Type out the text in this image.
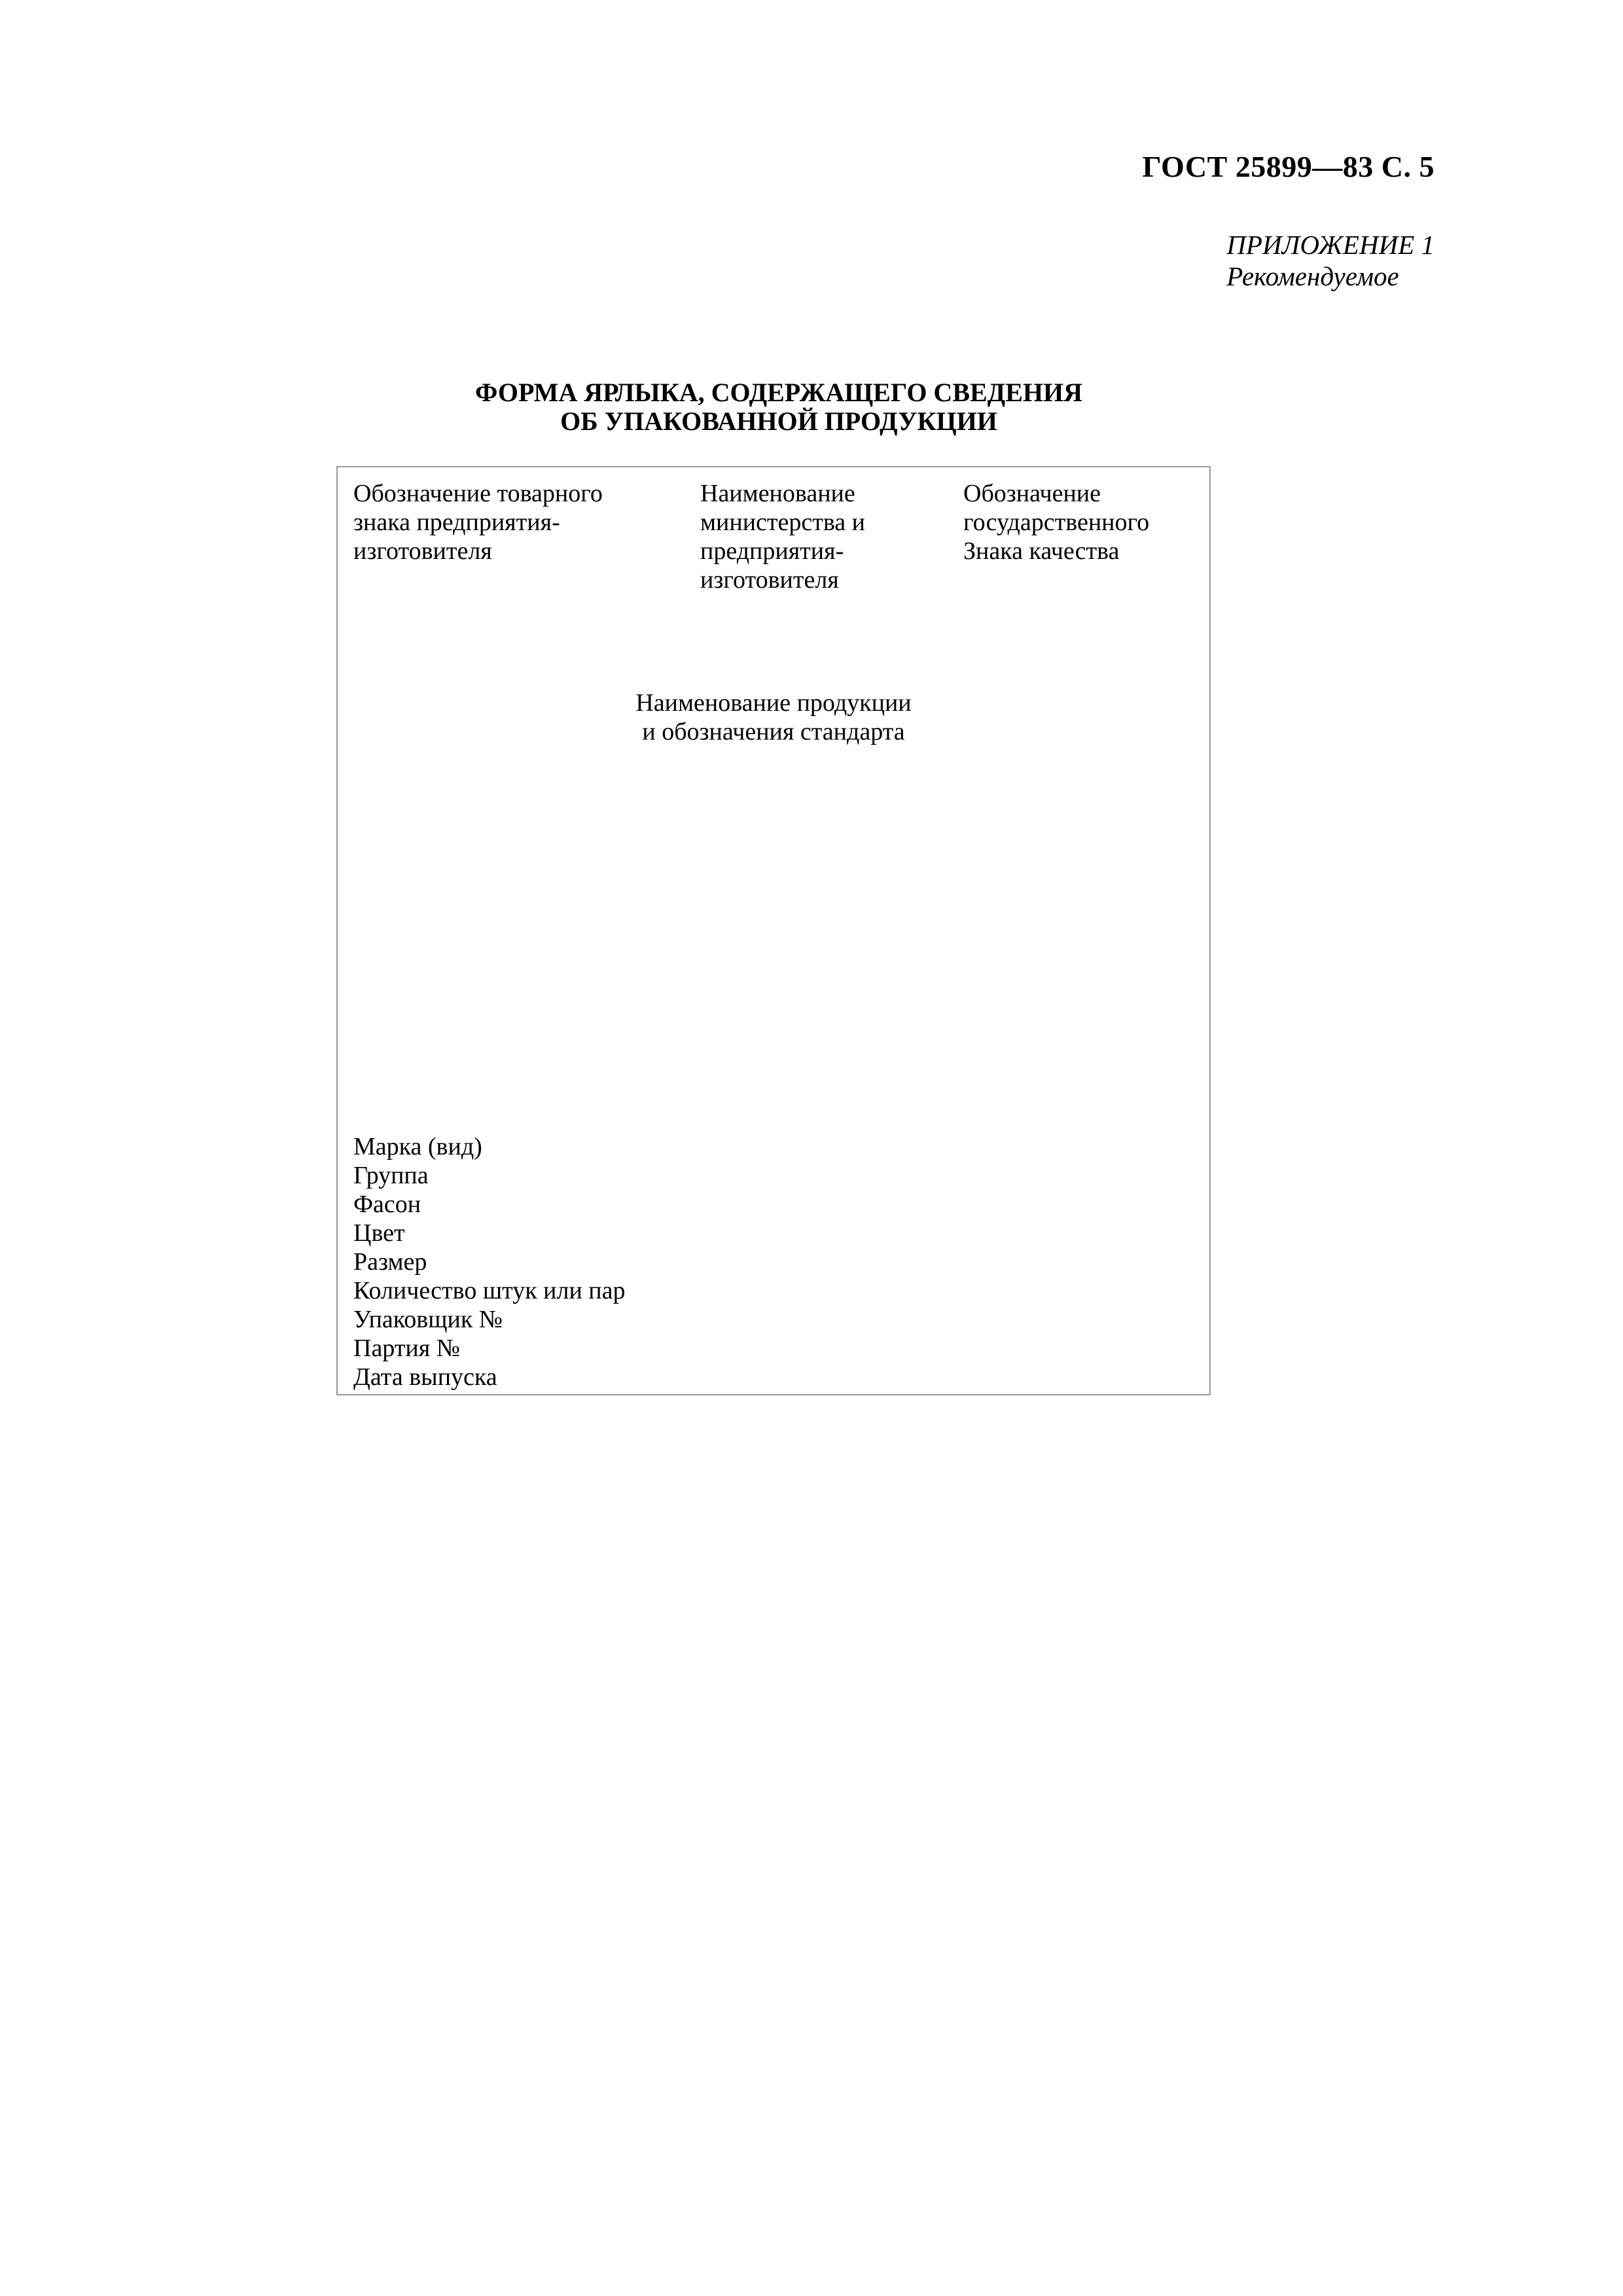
ГОСТ 25899—83 С. 5
ПРИЛОЖЕНИЕ 1
Рекомендуемое
ФОРМА ЯРЛЫКА, СОДЕРЖАЩЕГО СВЕДЕНИЯ
ОБ УПАКОВАННОЙ ПРОДУКЦИИ
Обозначение товарного
знака предприятия-
изготовителя
Наименование
министерства и
предприятия-
изготовителя
Обозначение
государственного
Знака качества
Наименование продукции
и обозначения стандарта
Марка (вид)
Группа
Фасон
Цвет
Размер
Количество штук или пар
Упаковщик №
Партия №
Дата выпуска
